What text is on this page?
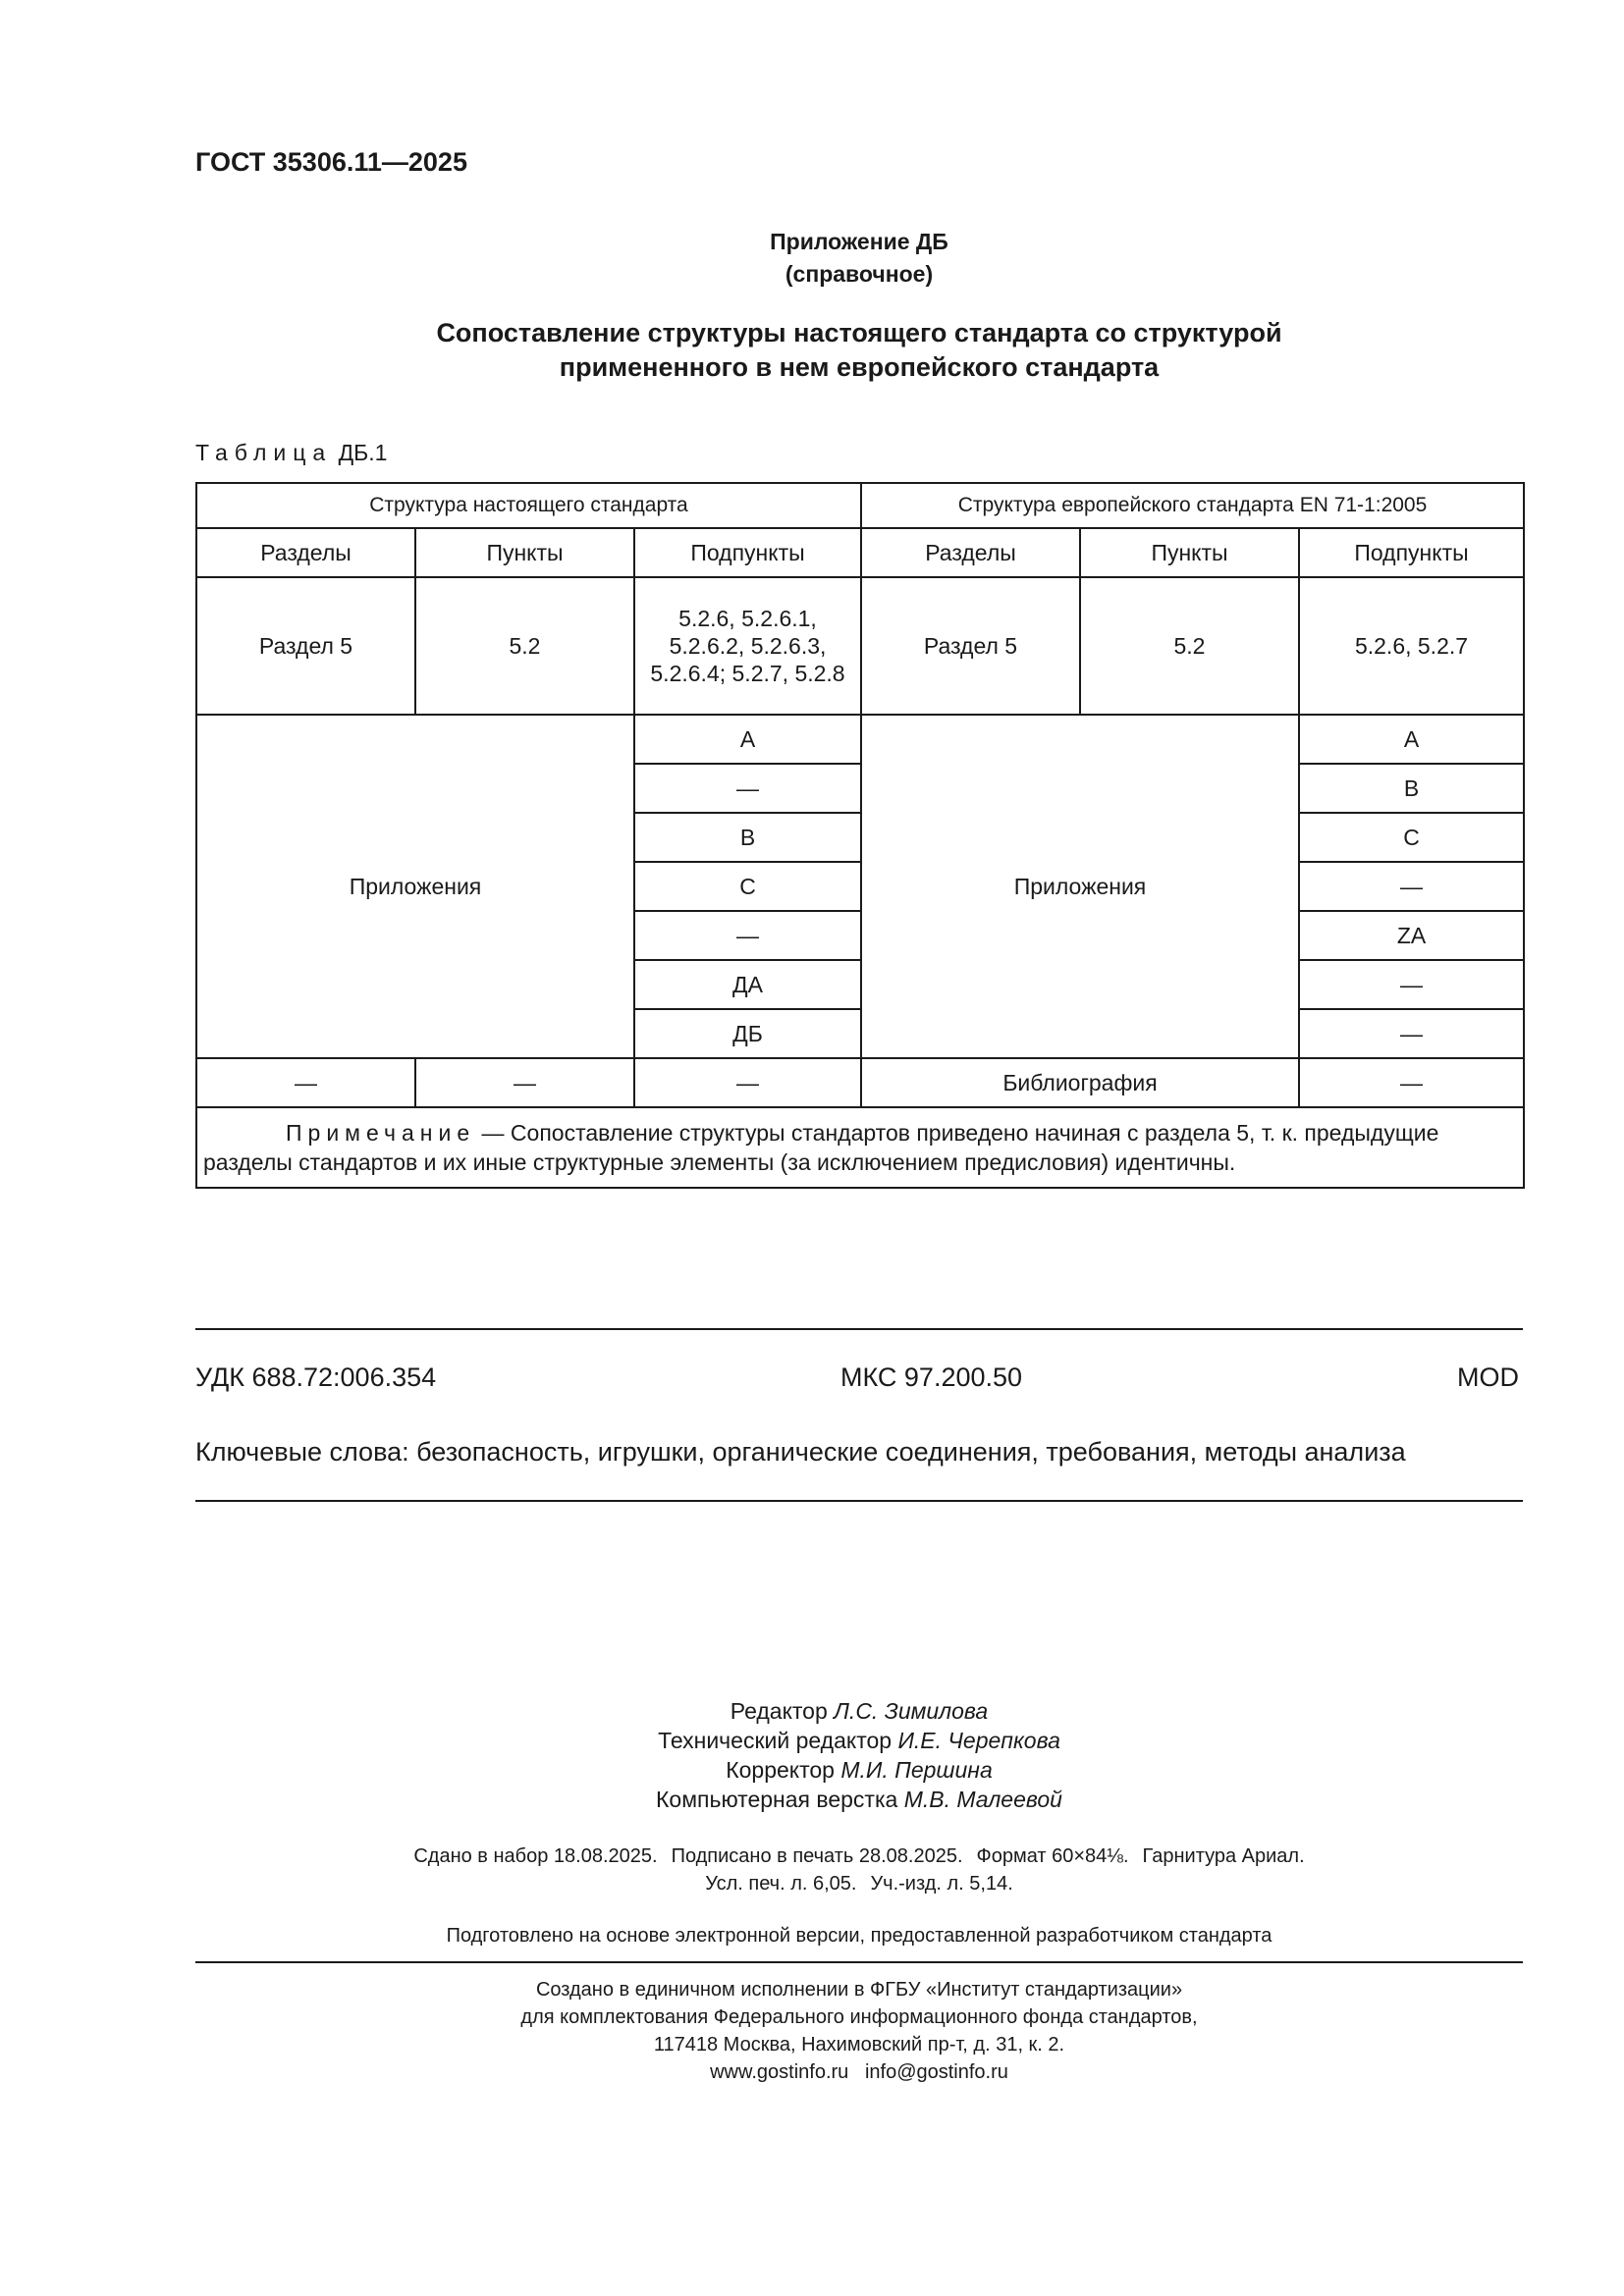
ГОСТ 35306.11—2025
Приложение ДБ
(справочное)
Сопоставление структуры настоящего стандарта со структурой
примененного в нем европейского стандарта
Таблица ДБ.1
Структура настоящего стандарта			Структура европейского стандарта EN 71-1:2005		
Разделы	Пункты	Подпункты	Разделы	Пункты	Подпункты
Раздел 5	5.2	5.2.6, 5.2.6.1, 5.2.6.2, 5.2.6.3, 5.2.6.4; 5.2.7, 5.2.8	Раздел 5	5.2	5.2.6, 5.2.7
Приложения		А	Приложения		A
		—			B
		В			C
		С			—
		—			ZA
		ДА			—
		ДБ			—
—	—	—	Библиография		—
Примечание — Сопоставление структуры стандартов приведено начиная с раздела 5, т. к. предыдущие разделы стандартов и их иные структурные элементы (за исключением предисловия) идентичны.					
УДК 688.72:006.354	МКС 97.200.50	MOD
Ключевые слова: безопасность, игрушки, органические соединения, требования, методы анализа
Редактор Л.С. Зимилова
Технический редактор И.Е. Черепкова
Корректор М.И. Першина
Компьютерная верстка М.В. Малеевой
Сдано в набор 18.08.2025. Подписано в печать 28.08.2025. Формат 60×84⅛. Гарнитура Ариал.
Усл. печ. л. 6,05. Уч.-изд. л. 5,14.
Подготовлено на основе электронной версии, предоставленной разработчиком стандарта
Создано в единичном исполнении в ФГБУ «Институт стандартизации»
для комплектования Федерального информационного фонда стандартов,
117418 Москва, Нахимовский пр-т, д. 31, к. 2.
www.gostinfo.ru info@gostinfo.ru
